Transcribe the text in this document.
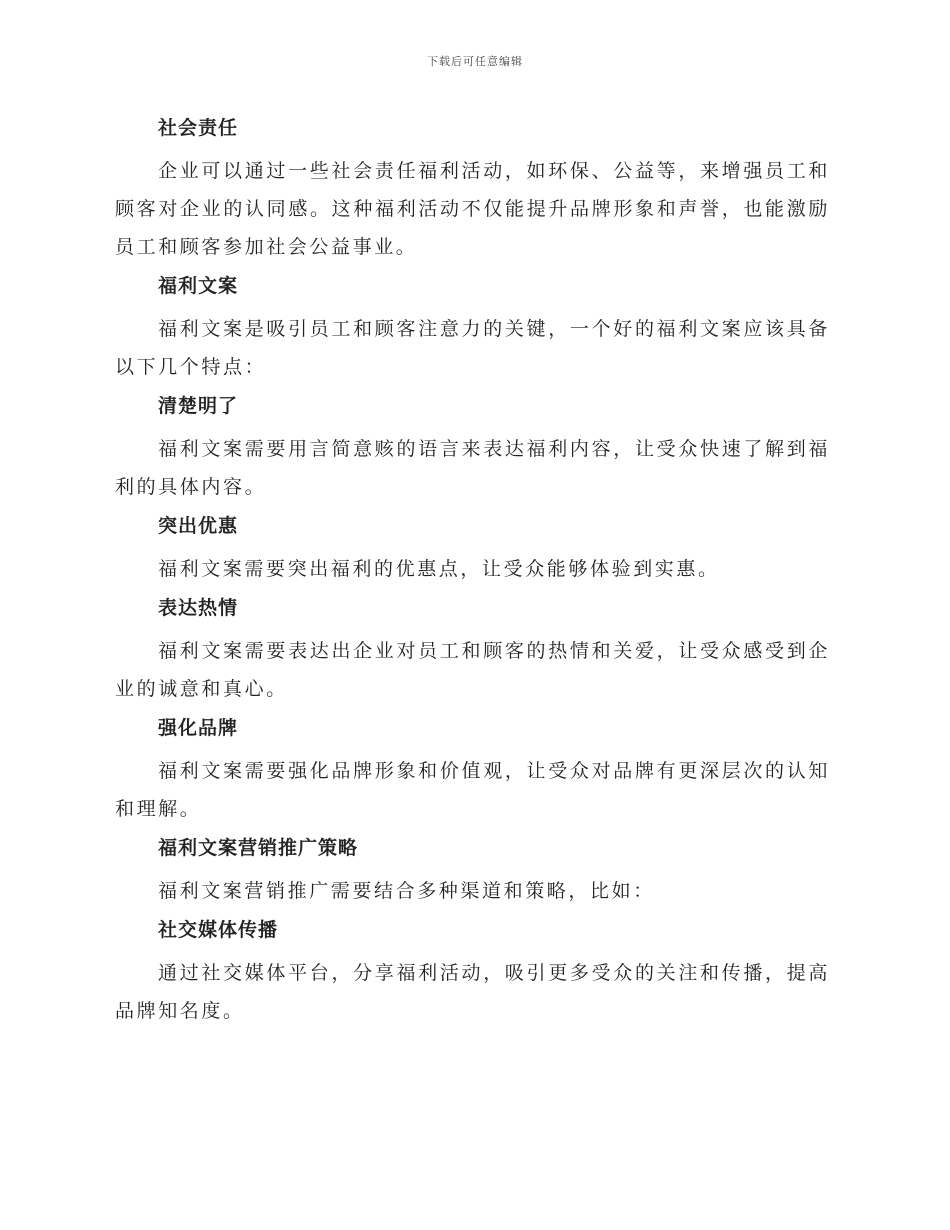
下载后可任意编辑
社会责任

企业可以通过一些社会责任福利活动，如环保、公益等，来增强员工和顾客对企业的认同感。这种福利活动不仅能提升品牌形象和声誉，也能激励员工和顾客参加社会公益事业。

福利文案

福利文案是吸引员工和顾客注意力的关键，一个好的福利文案应该具备以下几个特点：

清楚明了

福利文案需要用言简意赅的语言来表达福利内容，让受众快速了解到福利的具体内容。

突出优惠

福利文案需要突出福利的优惠点，让受众能够体验到实惠。

表达热情

福利文案需要表达出企业对员工和顾客的热情和关爱，让受众感受到企业的诚意和真心。

强化品牌

福利文案需要强化品牌形象和价值观，让受众对品牌有更深层次的认知和理解。

福利文案营销推广策略

福利文案营销推广需要结合多种渠道和策略，比如：

社交媒体传播

通过社交媒体平台，分享福利活动，吸引更多受众的关注和传播，提高品牌知名度。
